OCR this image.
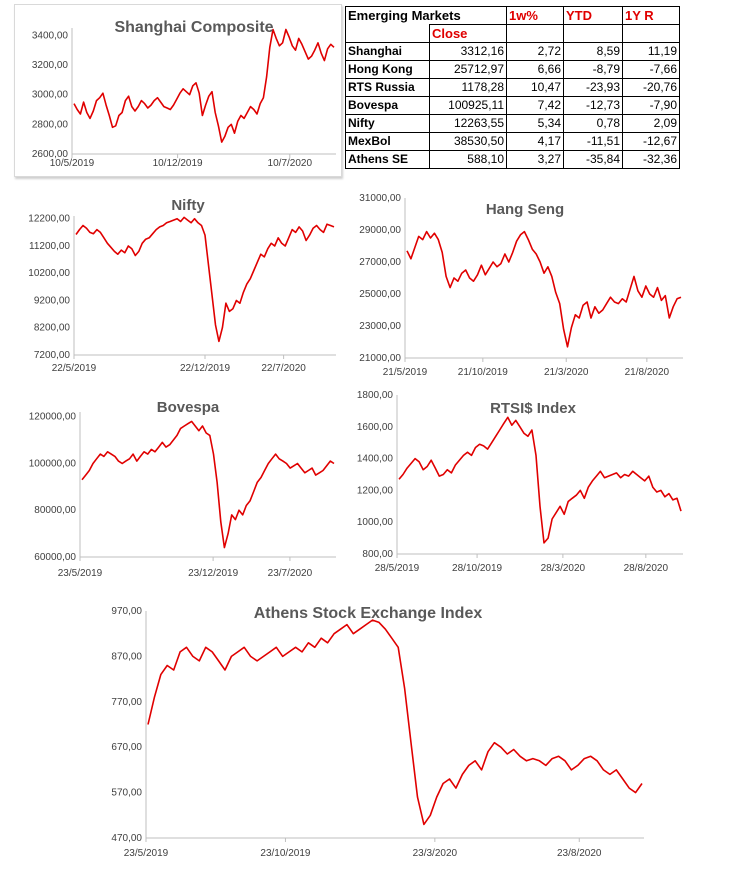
Emerging Markets		1w%	YTD	1Y R
	Close			
Shanghai	3312,16	2,72	8,59	11,19
Hong Kong	25712,97	6,66	-8,79	-7,66
RTS Russia	1178,28	10,47	-23,93	-20,76
Bovespa	100925,11	7,42	-12,73	-7,90
Nifty	12263,55	5,34	0,78	2,09
MexBol	38530,50	4,17	-11,51	-12,67
Athens SE	588,10	3,27	-35,84	-32,36
3400,00
3200,00
3000,00
2800,00
2600,00
10/5/2019	10/12/2019	10/7/2020
Shanghai Composite
12200,00
11200,00
10200,00
9200,00
8200,00
7200,00
22/5/2019	22/12/2019	22/7/2020
Nifty	31000,00
29000,00
27000,00
25000,00
23000,00
21000,00
21/5/2019	21/10/2019	21/3/2020	21/8/2020
Hang Seng
120000,00
100000,00
80000,00
60000,00
23/5/2019	23/12/2019	23/7/2020
Bovespa
1800,00
1600,00
1400,00
1200,00
1000,00
800,00
28/5/2019	28/10/2019	28/3/2020	28/8/2020
RTSI$ Index
970,00
870,00
770,00
670,00
570,00
470,00
23/5/2019	23/10/2019	23/3/2020	23/8/2020
Athens Stock Exchange Index
